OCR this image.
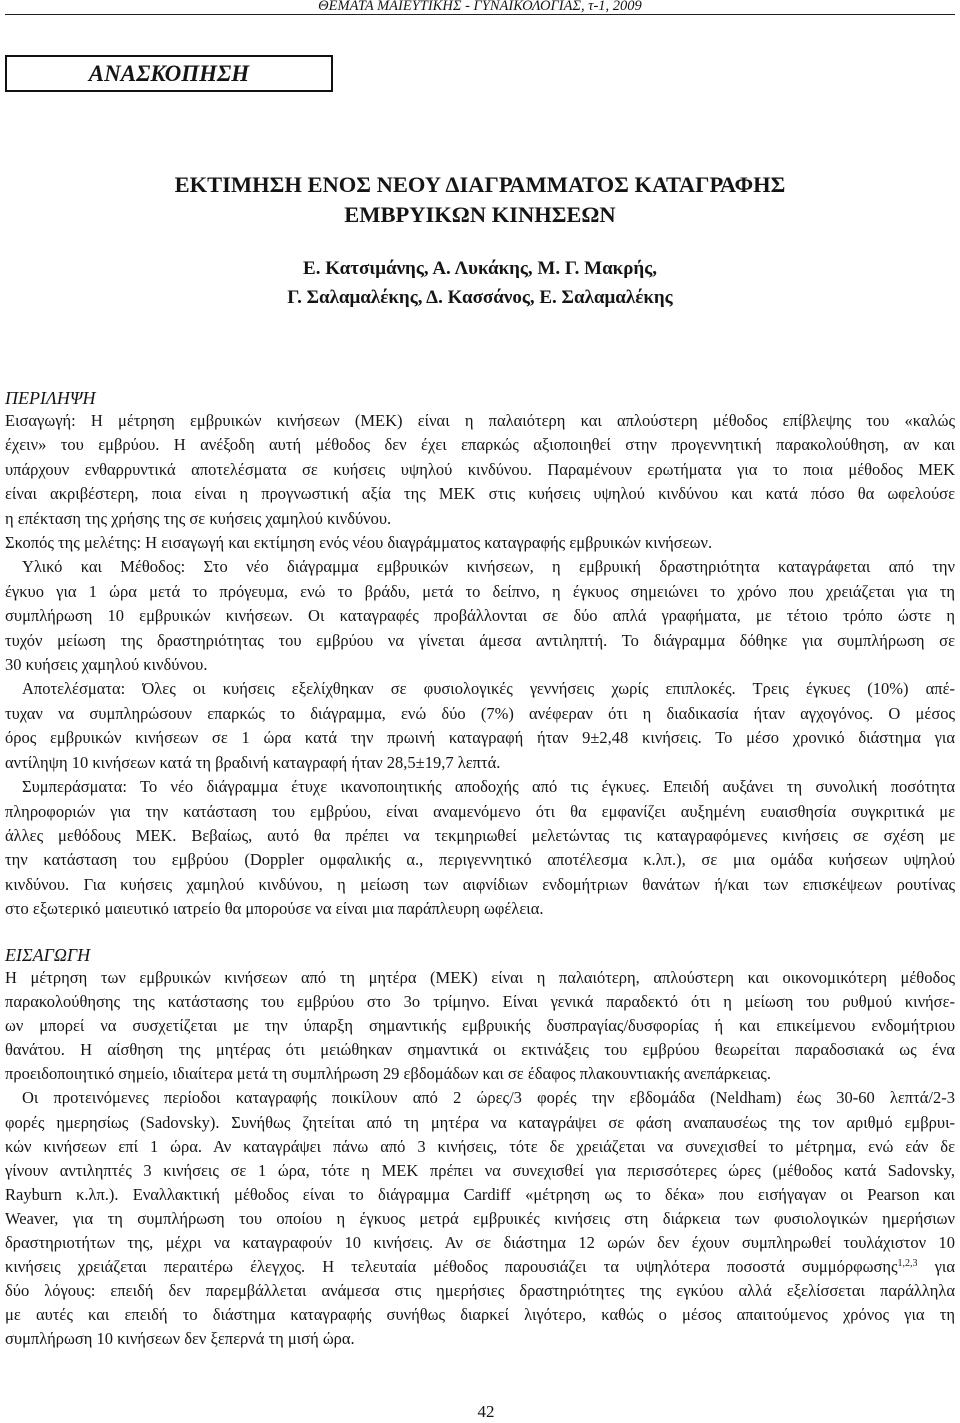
ΘΕΜΑΤΑ ΜΑΙΕΥΤΙΚΗΣ - ΓΥΝΑΙΚΟΛΟΓΙΑΣ, τ-1, 2009
ΑΝΑΣΚΟΠΗΣΗ
ΕΚΤΙΜΗΣΗ ΕΝΟΣ ΝΕΟΥ ΔΙΑΓΡΑΜΜΑΤΟΣ ΚΑΤΑΓΡΑΦΗΣ
ΕΜΒΡΥΙΚΩΝ ΚΙΝΗΣΕΩΝ
Ε. Κατσιμάνης, Α. Λυκάκης, Μ. Γ. Μακρής,
Γ. Σαλαμαλέκης, Δ. Κασσάνος, Ε. Σαλαμαλέκης
ΠΕΡΙΛΗΨΗ
Εισαγωγή: Η μέτρηση εμβρυικών κινήσεων (ΜΕΚ) είναι η παλαιότερη και απλούστερη μέθοδος επίβλεψης του «καλώς
έχειν» του εμβρύου. Η ανέξοδη αυτή μέθοδος δεν έχει επαρκώς αξιοποιηθεί στην προγεννητική παρακολούθηση, αν και
υπάρχουν ενθαρρυντικά αποτελέσματα σε κυήσεις υψηλού κινδύνου. Παραμένουν ερωτήματα για το ποια μέθοδος ΜΕΚ
είναι ακριβέστερη, ποια είναι η προγνωστική αξία της ΜΕΚ στις κυήσεις υψηλού κινδύνου και κατά πόσο θα ωφελούσε
η επέκταση της χρήσης της σε κυήσεις χαμηλού κινδύνου.
Σκοπός της μελέτης: Η εισαγωγή και εκτίμηση ενός νέου διαγράμματος καταγραφής εμβρυικών κινήσεων.
Υλικό και Μέθοδος: Στο νέο διάγραμμα εμβρυικών κινήσεων, η εμβρυική δραστηριότητα καταγράφεται από την
έγκυο για 1 ώρα μετά το πρόγευμα, ενώ το βράδυ, μετά το δείπνο, η έγκυος σημειώνει το χρόνο που χρειάζεται για τη
συμπλήρωση 10 εμβρυικών κινήσεων. Οι καταγραφές προβάλλονται σε δύο απλά γραφήματα, με τέτοιο τρόπο ώστε η
τυχόν μείωση της δραστηριότητας του εμβρύου να γίνεται άμεσα αντιληπτή. Το διάγραμμα δόθηκε για συμπλήρωση σε
30 κυήσεις χαμηλού κινδύνου.
Αποτελέσματα: Όλες οι κυήσεις εξελίχθηκαν σε φυσιολογικές γεννήσεις χωρίς επιπλοκές. Τρεις έγκυες (10%) απέ-
τυχαν να συμπληρώσουν επαρκώς το διάγραμμα, ενώ δύο (7%) ανέφεραν ότι η διαδικασία ήταν αγχογόνος. Ο μέσος
όρος εμβρυικών κινήσεων σε 1 ώρα κατά την πρωινή καταγραφή ήταν 9±2,48 κινήσεις. Το μέσο χρονικό διάστημα για
αντίληψη 10 κινήσεων κατά τη βραδινή καταγραφή ήταν 28,5±19,7 λεπτά.
Συμπεράσματα: Το νέο διάγραμμα έτυχε ικανοποιητικής αποδοχής από τις έγκυες. Επειδή αυξάνει τη συνολική ποσότητα
πληροφοριών για την κατάσταση του εμβρύου, είναι αναμενόμενο ότι θα εμφανίζει αυξημένη ευαισθησία συγκριτικά με
άλλες μεθόδους ΜΕΚ. Βεβαίως, αυτό θα πρέπει να τεκμηριωθεί μελετώντας τις καταγραφόμενες κινήσεις σε σχέση με
την κατάσταση του εμβρύου (Doppler ομφαλικής α., περιγεννητικό αποτέλεσμα κ.λπ.), σε μια ομάδα κυήσεων υψηλού
κινδύνου. Για κυήσεις χαμηλού κινδύνου, η μείωση των αιφνίδιων ενδομήτριων θανάτων ή/και των επισκέψεων ρουτίνας
στο εξωτερικό μαιευτικό ιατρείο θα μπορούσε να είναι μια παράπλευρη ωφέλεια.
ΕΙΣΑΓΩΓΗ
Η μέτρηση των εμβρυικών κινήσεων από τη μητέρα (ΜΕΚ) είναι η παλαιότερη, απλούστερη και οικονομικότερη μέθοδος
παρακολούθησης της κατάστασης του εμβρύου στο 3ο τρίμηνο. Είναι γενικά παραδεκτό ότι η μείωση του ρυθμού κινήσε-
ων μπορεί να συσχετίζεται με την ύπαρξη σημαντικής εμβρυικής δυσπραγίας/δυσφορίας ή και επικείμενου ενδομήτριου
θανάτου. Η αίσθηση της μητέρας ότι μειώθηκαν σημαντικά οι εκτινάξεις του εμβρύου θεωρείται παραδοσιακά ως ένα
προειδοποιητικό σημείο, ιδιαίτερα μετά τη συμπλήρωση 29 εβδομάδων και σε έδαφος πλακουντιακής ανεπάρκειας.
Οι προτεινόμενες περίοδοι καταγραφής ποικίλουν από 2 ώρες/3 φορές την εβδομάδα (Neldham) έως 30-60 λεπτά/2-3
φορές ημερησίως (Sadovsky). Συνήθως ζητείται από τη μητέρα να καταγράψει σε φάση αναπαυσέως της τον αριθμό εμβρυι-
κών κινήσεων επί 1 ώρα. Αν καταγράψει πάνω από 3 κινήσεις, τότε δε χρειάζεται να συνεχισθεί το μέτρημα, ενώ εάν δε
γίνουν αντιληπτές 3 κινήσεις σε 1 ώρα, τότε η ΜΕΚ πρέπει να συνεχισθεί για περισσότερες ώρες (μέθοδος κατά Sadovsky,
Rayburn κ.λπ.). Εναλλακτική μέθοδος είναι το διάγραμμα Cardiff «μέτρηση ως το δέκα» που εισήγαγαν οι Pearson και
Weaver, για τη συμπλήρωση του οποίου η έγκυος μετρά εμβρυικές κινήσεις στη διάρκεια των φυσιολογικών ημερήσιων
δραστηριοτήτων της, μέχρι να καταγραφούν 10 κινήσεις. Αν σε διάστημα 12 ωρών δεν έχουν συμπληρωθεί τουλάχιστον 10
κινήσεις χρειάζεται περαιτέρω έλεγχος. Η τελευταία μέθοδος παρουσιάζει τα υψηλότερα ποσοστά συμμόρφωσης$^{1,2,3}$ για
δύο λόγους: επειδή δεν παρεμβάλλεται ανάμεσα στις ημερήσιες δραστηριότητες της εγκύου αλλά εξελίσσεται παράλληλα
με αυτές και επειδή το διάστημα καταγραφής συνήθως διαρκεί λιγότερο, καθώς ο μέσος απαιτούμενος χρόνος για τη
συμπλήρωση 10 κινήσεων δεν ξεπερνά τη μισή ώρα.
42
